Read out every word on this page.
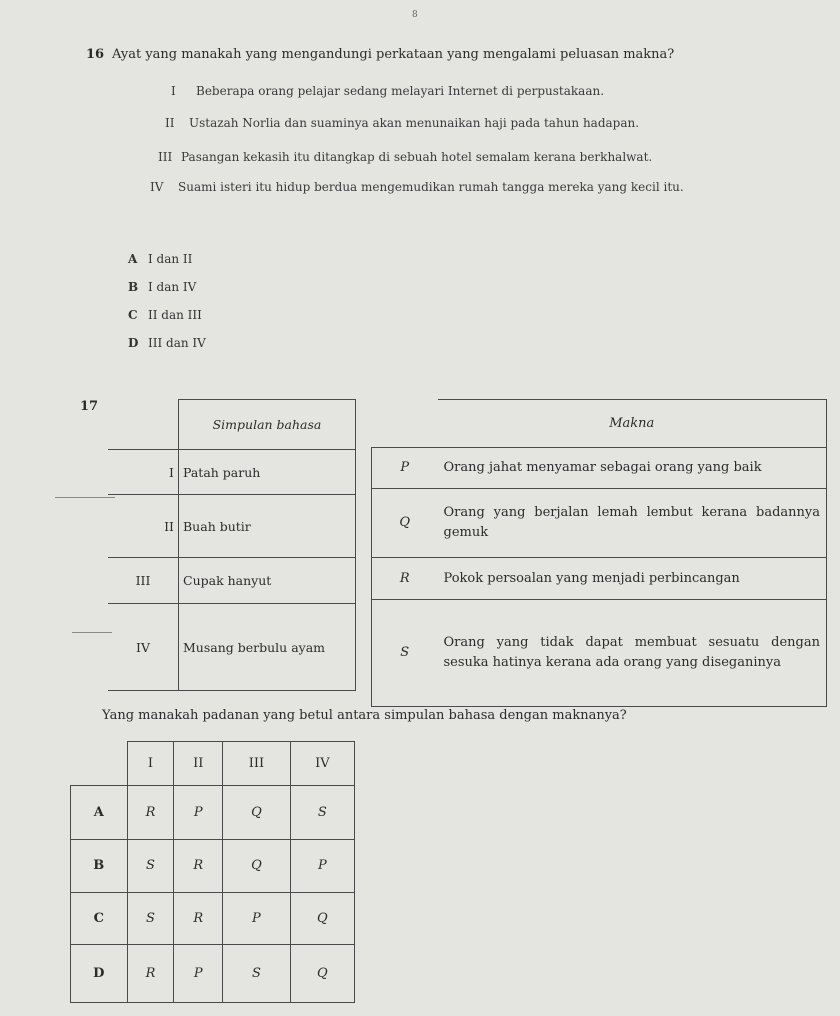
8
16 Ayat yang manakah yang mengandungi perkataan yang mengalami peluasan makna?
I Beberapa orang pelajar sedang melayari Internet di perpustakaan.
II Ustazah Norlia dan suaminya akan menunaikan haji pada tahun hadapan.
III Pasangan kekasih itu ditangkap di sebuah hotel semalam kerana berkhalwat.
IV Suami isteri itu hidup berdua mengemudikan rumah tangga mereka yang kecil itu.
A I dan II
B I dan IV
C II dan III
D III dan IV
17
	Simpulan bahasa
I	Patah paruh
II	Buah butir
III	Cupak hanyut
IV	Musang berbulu ayam
	Makna
P	Orang jahat menyamar sebagai orang yang baik
Q	Orang yang berjalan lemah lembut kerana badannya gemuk
R	Pokok persoalan yang menjadi perbincangan
S	Orang yang tidak dapat membuat sesuatu dengan sesuka hatinya kerana ada orang yang diseganinya
Yang manakah padanan yang betul antara simpulan bahasa dengan maknanya?
	I	II	III	IV
A	R	P	Q	S
B	S	R	Q	P
C	S	R	P	Q
D	R	P	S	Q
